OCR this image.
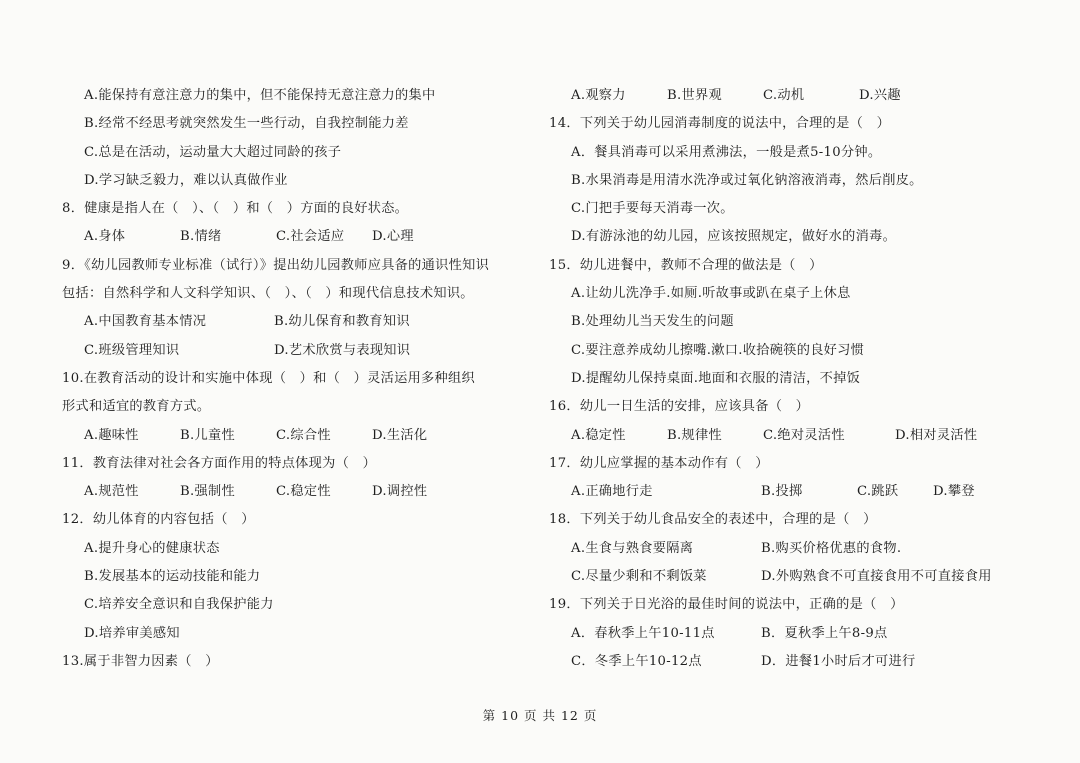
A.能保持有意注意力的集中，但不能保持无意注意力的集中
B.经常不经思考就突然发生一些行动，自我控制能力差
C.总是在活动，运动量大大超过同龄的孩子
D.学习缺乏毅力，难以认真做作业
8．健康是指人在（　）、（　）和（　）方面的良好状态。
A.身体	B.情绪	C.社会适应	D.心理
9．《幼儿园教师专业标准（试行）》提出幼儿园教师应具备的通识性知识
包括：自然科学和人文科学知识、（　）、（　）和现代信息技术知识。
A.中国教育基本情况	B.幼儿保育和教育知识
C.班级管理知识	D.艺术欣赏与表现知识
10.在教育活动的设计和实施中体现（　）和（　）灵活运用多种组织
形式和适宜的教育方式。
A.趣味性	B.儿童性	C.综合性	D.生活化
11．教育法律对社会各方面作用的特点体现为（　）
A.规范性	B.强制性	C.稳定性	D.调控性
12．幼儿体育的内容包括（　）
A.提升身心的健康状态
B.发展基本的运动技能和能力
C.培养安全意识和自我保护能力
D.培养审美感知
13.属于非智力因素（　）
A.观察力	B.世界观	C.动机	D.兴趣
14．下列关于幼儿园消毒制度的说法中，合理的是（　）
A．餐具消毒可以采用煮沸法，一般是煮5-10分钟。
B.水果消毒是用清水洗净或过氧化钠溶液消毒，然后削皮。
C.门把手要每天消毒一次。
D.有游泳池的幼儿园，应该按照规定，做好水的消毒。
15．幼儿进餐中，教师不合理的做法是（　）
A.让幼儿洗净手.如厕.听故事或趴在桌子上休息
B.处理幼儿当天发生的问题
C.要注意养成幼儿擦嘴.漱口.收拾碗筷的良好习惯
D.提醒幼儿保持桌面.地面和衣服的清洁，不掉饭
16．幼儿一日生活的安排，应该具备（　）
A.稳定性	B.规律性	C.绝对灵活性	D.相对灵活性
17．幼儿应掌握的基本动作有（　）
A.正确地行走	B.投掷	C.跳跃	D.攀登
18．下列关于幼儿食品安全的表述中，合理的是（　）
A.生食与熟食要隔离	B.购买价格优惠的食物.
C.尽量少剩和不剩饭菜	D.外购熟食不可直接食用不可直接食用
19．下列关于日光浴的最佳时间的说法中，正确的是（　）
A．春秋季上午10-11点	B．夏秋季上午8-9点
C．冬季上午10-12点	D．进餐1小时后才可进行
第 10 页 共 12 页
